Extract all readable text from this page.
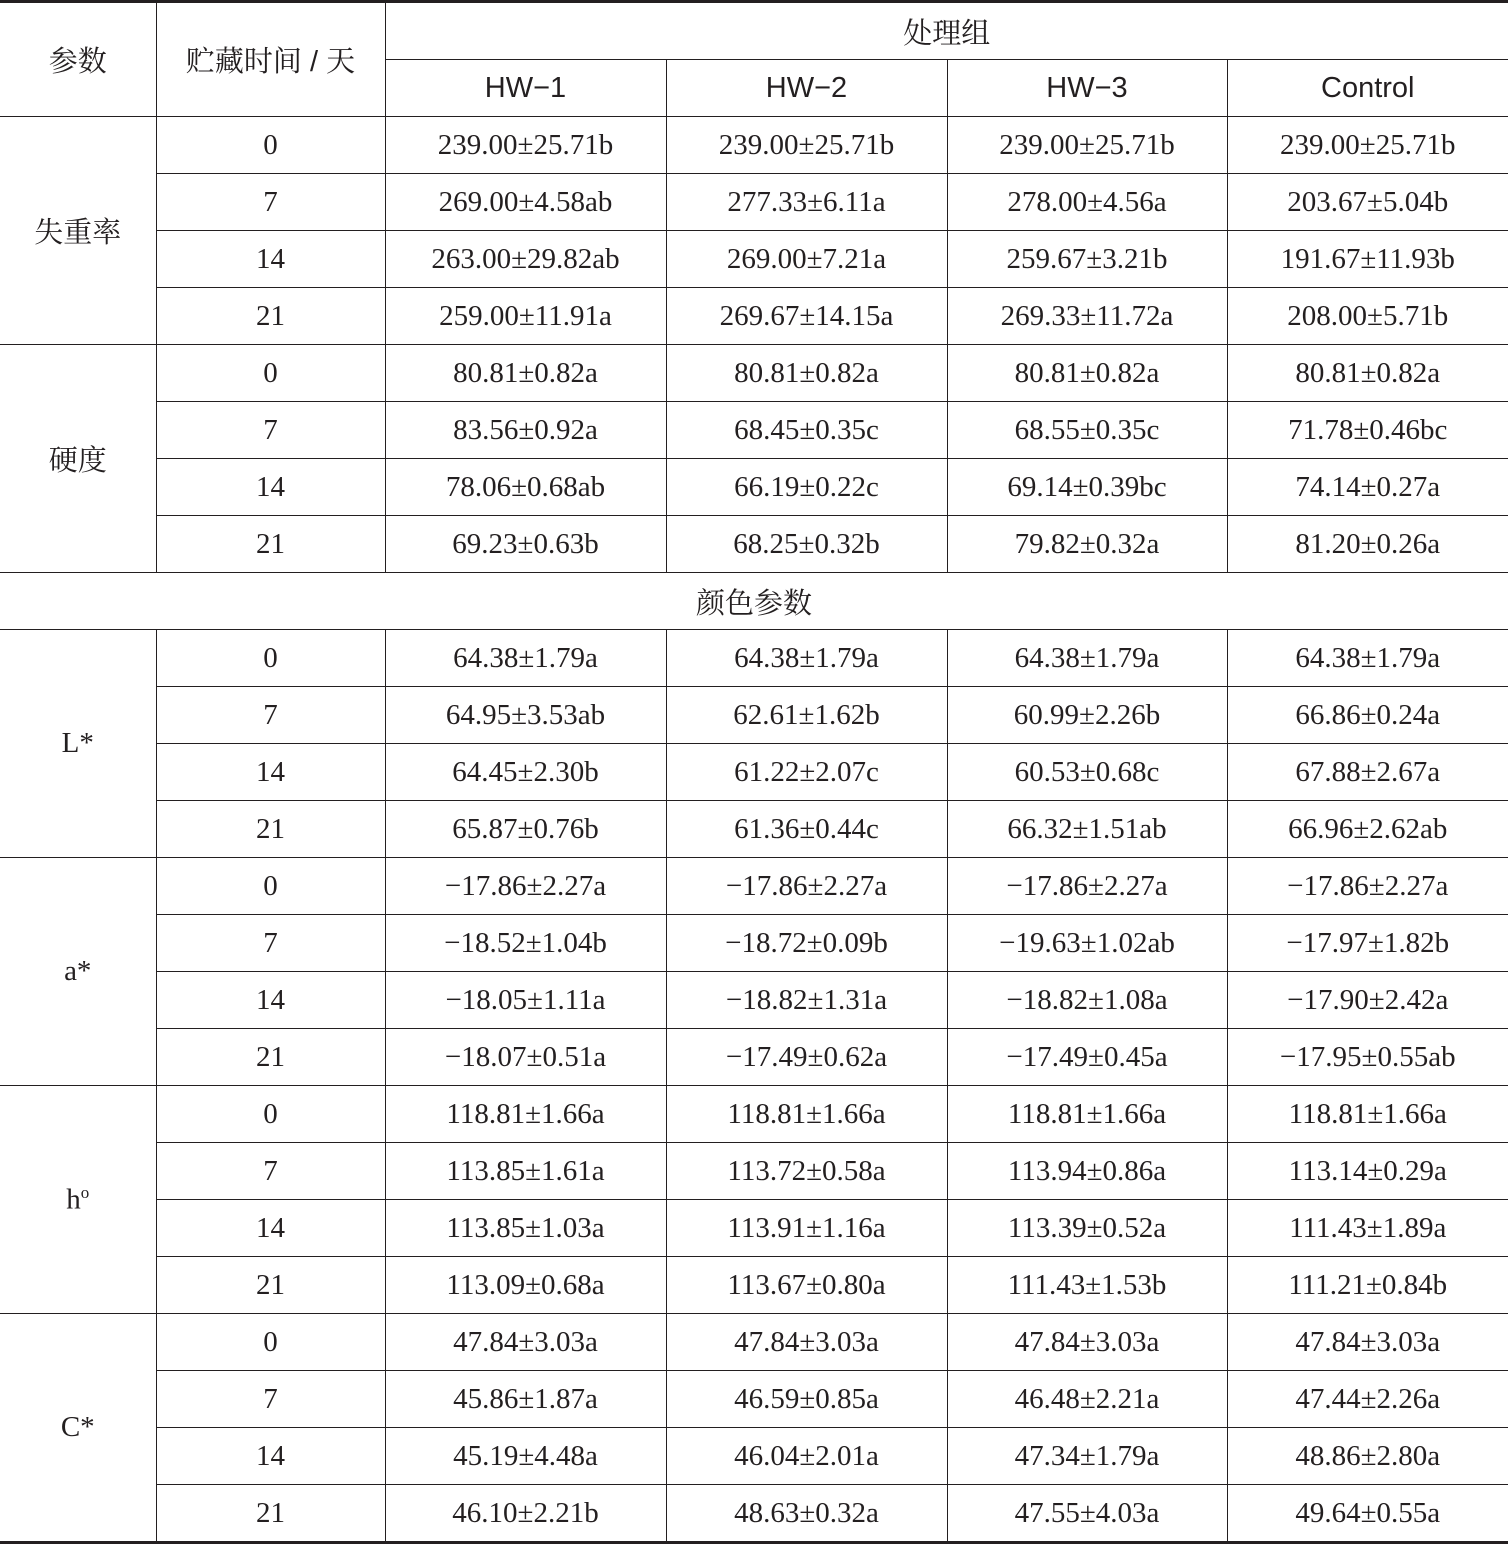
参数	贮藏时间 / 天	处理组			
		HW−1	HW−2	HW−3	Control
失重率	0	239.00±25.71b	239.00±25.71b	239.00±25.71b	239.00±25.71b
	7	269.00±4.58ab	277.33±6.11a	278.00±4.56a	203.67±5.04b
	14	263.00±29.82ab	269.00±7.21a	259.67±3.21b	191.67±11.93b
	21	259.00±11.91a	269.67±14.15a	269.33±11.72a	208.00±5.71b
硬度	0	80.81±0.82a	80.81±0.82a	80.81±0.82a	80.81±0.82a
	7	83.56±0.92a	68.45±0.35c	68.55±0.35c	71.78±0.46bc
	14	78.06±0.68ab	66.19±0.22c	69.14±0.39bc	74.14±0.27a
	21	69.23±0.63b	68.25±0.32b	79.82±0.32a	81.20±0.26a
颜色参数					
L*	0	64.38±1.79a	64.38±1.79a	64.38±1.79a	64.38±1.79a
	7	64.95±3.53ab	62.61±1.62b	60.99±2.26b	66.86±0.24a
	14	64.45±2.30b	61.22±2.07c	60.53±0.68c	67.88±2.67a
	21	65.87±0.76b	61.36±0.44c	66.32±1.51ab	66.96±2.62ab
a*	0	−17.86±2.27a	−17.86±2.27a	−17.86±2.27a	−17.86±2.27a
	7	−18.52±1.04b	−18.72±0.09b	−19.63±1.02ab	−17.97±1.82b
	14	−18.05±1.11a	−18.82±1.31a	−18.82±1.08a	−17.90±2.42a
	21	−18.07±0.51a	−17.49±0.62a	−17.49±0.45a	−17.95±0.55ab
$h^o$	0	118.81±1.66a	118.81±1.66a	118.81±1.66a	118.81±1.66a
	7	113.85±1.61a	113.72±0.58a	113.94±0.86a	113.14±0.29a
	14	113.85±1.03a	113.91±1.16a	113.39±0.52a	111.43±1.89a
	21	113.09±0.68a	113.67±0.80a	111.43±1.53b	111.21±0.84b
C*	0	47.84±3.03a	47.84±3.03a	47.84±3.03a	47.84±3.03a
	7	45.86±1.87a	46.59±0.85a	46.48±2.21a	47.44±2.26a
	14	45.19±4.48a	46.04±2.01a	47.34±1.79a	48.86±2.80a
	21	46.10±2.21b	48.63±0.32a	47.55±4.03a	49.64±0.55a
